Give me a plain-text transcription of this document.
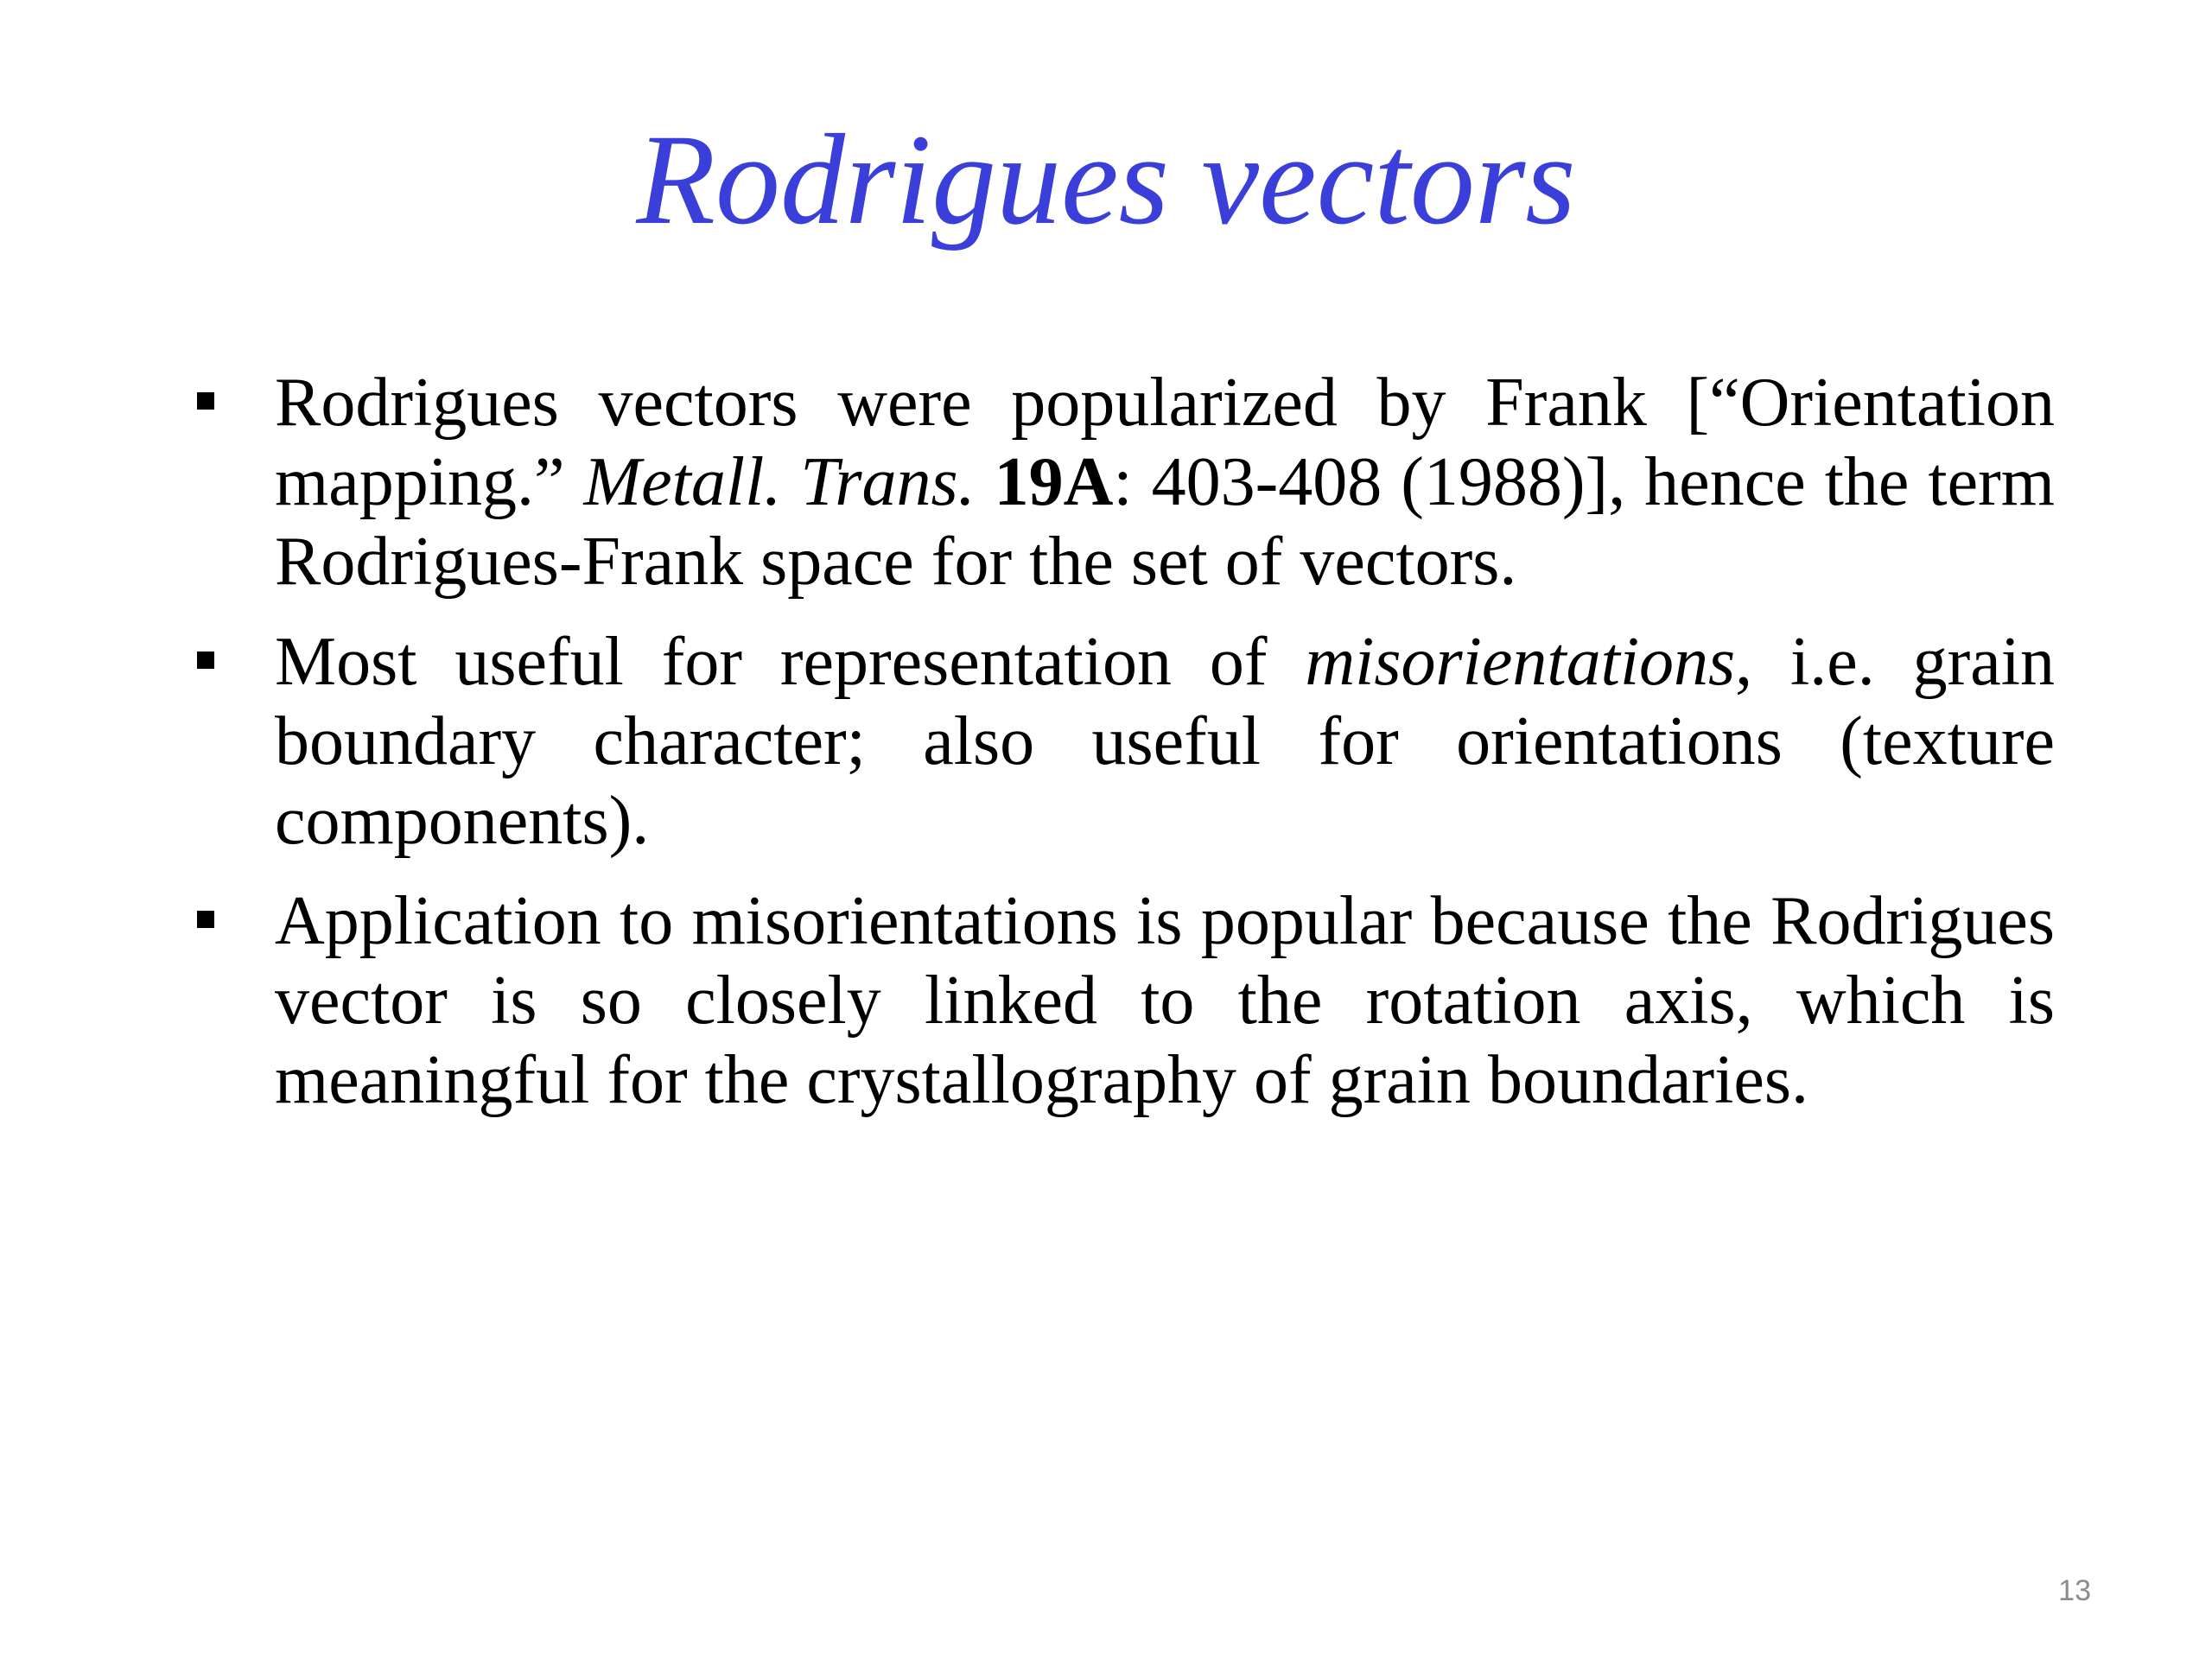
Rodrigues vectors
Rodrigues vectors were popularized by Frank [“Orientation mapping.” Metall. Trans. 19A: 403-408 (1988)], hence the term Rodrigues-Frank space for the set of vectors.
Most useful for representation of misorientations, i.e. grain boundary character; also useful for orientations (texture components).
Application to misorientations is popular because the Rodrigues vector is so closely linked to the rotation axis, which is meaningful for the crystallography of grain boundaries.
13
